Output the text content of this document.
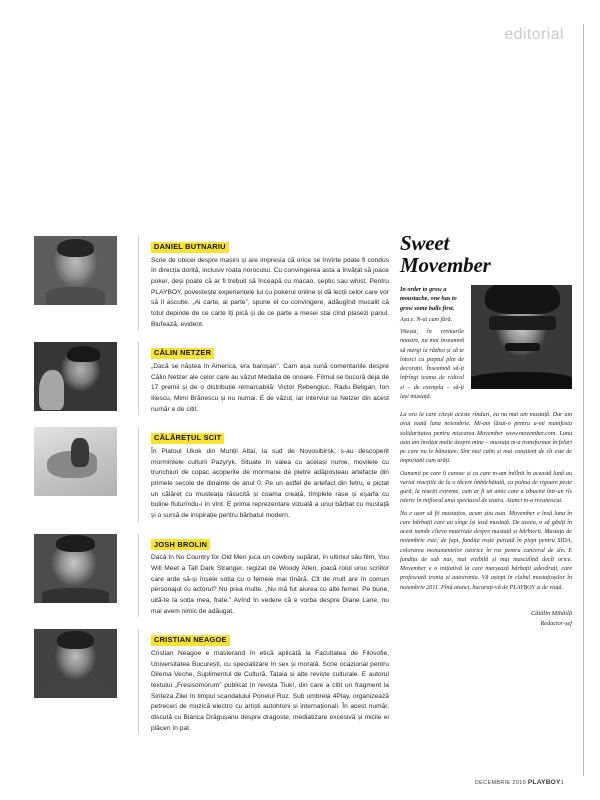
editorial
DANIEL BUTNARIU

Scrie de obicei despre mașini și are impresia că orice se învîrte poate fi condus în direcția dorită, inclusiv roata norocului. Cu convingerea asta a învățat să joace poker, deși poate că ar fi trebuit să înceapă cu macao, șeptic sau whist. Pentru PLAYBOY, povestește experiențele lui cu pokerul online și dă lecții celor care vor să îl asculte. „Ai carte, ai parte”, spune el cu convingere, adăugînd mucalit că totul depinde de ce carte îți pică și de ce parte a mesei stai cînd plasezi pariul. Blufează, evident.

CĂLIN NETZER

„Dacă se năștea în America, era baroșan”. Cam așa sună comentariile despre Călin Netzer ale celor care au văzut Medalia de onoare. Filmul se bucură deja de 17 premii și de o distribuție remarcabilă: Victor Rebengiuc, Radu Beligan, Ion Iliescu, Mimi Brănescu și nu numai. E de văzut, iar interviul lui Netzer din acest număr e de citit.

CĂLĂREȚUL SCIT

În Platoul Ukok din Munții Altai, la sud de Novosibirsk, s-au descoperit mormintele culturii Pazyryk. Situate în valea cu același nume, movilele cu trunchiuri de copac acoperite de mormane de pietre adăposteau artefacte din primele secole de dinainte de anul 0. Pe un astfel de artefact din fetru, e pictat un călăreț cu musteața răsucită și coama creață, tîmplele rase și eșarfa cu buline fluturîndu-i în vînt. E prima reprezentare vizuală a unui bărbat cu mustață și o sursă de inspirație pentru bărbatul modern.

JOSH BROLIN

Dacă în No Country for Old Men juca un cowboy supărat, în ultimul său film, You Will Meet a Tall Dark Stranger, regizat de Woody Allen, joacă rolul unui scriitor care arde să-și înșele soția cu o femeie mai tînără. Cît de mult are în comun personajul cu actorul? Nu prea multe. „Nu mă fut aiurea cu alte femei. Pe bune, uită-te la soția mea, frate.” Avînd în vedere că e vorba despre Diane Lane, nu mai avem nimic de adăugat.

CRISTIAN NEAGOE

Cristian Neagoe e masterand în etică aplicată la Facultatea de Filosofie, Universitatea București, cu specializare în sex și morală. Scrie ocazional pentru Dilema Veche, Suplimentul de Cultură, Tataia și alte reviste culturale. E autorul textului „Fresisomorum” publicat în revista Tiuk!, din care a citit un fragment la Sinteza Zilei în timpul scandalului Poneiul Roz. Sub umbrela 4Play, organizează petreceri de muzică electro cu artiști autohtoni și internaționali. În acest număr, discută cu Bianca Drăgușanu despre dragoste, mediatizare excesivă și micile ei plăceri în pat.

Sweet
Movember

In order to grow a moustache, one has to grow some balls first.

Așa e. N-ai cum fără.

Viteșia, în vremurile noastre, nu mai înseamnă să mergi la război și să te întorci cu pieptul plin de decorații. Înseamnă să-ți înfrîngi teama de ridicol și – de exemplu – să-ți lași mustață.

La ora la care citești aceste rînduri, eu nu mai am mustață. Dar am avut toată luna noiembrie. Mi-am lăsat-o pentru a-mi manifesta solidaritatea pentru mișcarea Movember www.movember.com. Luna asta am învățat multe despre mine – mustața m-a transformat în feluri pe care nu le bănuiam. Sînt mai calm și mai conștient de cît este de important cum arăți.

Oamenii pe care îi cunosc și cu care m-am întîlnit în această lună au variat reacțiile de la o tăcere îmbărbătată, cu palma de rigoare peste gură, la reacții extreme, cum ar fi un amic care a izbucnit într-un rîs isteric în mijlocul unui spectacol de teatru. Atunci m-a recunoscut.

Nu e ușor să fii mustațios, acum știu asta. Movember e însă luna în care bărbații care au sînge își lasă mustață. De aceea, o să găsiți în acest număr cîteva materiale despre mustață și bărbierit. Mustața de noiembrie este, de fapt, fundița roșie purtată în piept pentru SIDA, colorarea monumentelor istorice în roz pentru cancerul de sîn. E fundița de sub nas, mai vizibilă și mai masculină decît orice. Movember e o inițiativă la care marșează bărbații adevărați, care profesează ironia și autoironia. Vă aștept în clubul mustațioșilor în noiembrie 2011. Pînă atunci, bucurați-vă de PLAYBOY și de viață.

Cătălin Mihăilă
Redactor-șef
DECEMBRIE 2010 PLAYBOY1
